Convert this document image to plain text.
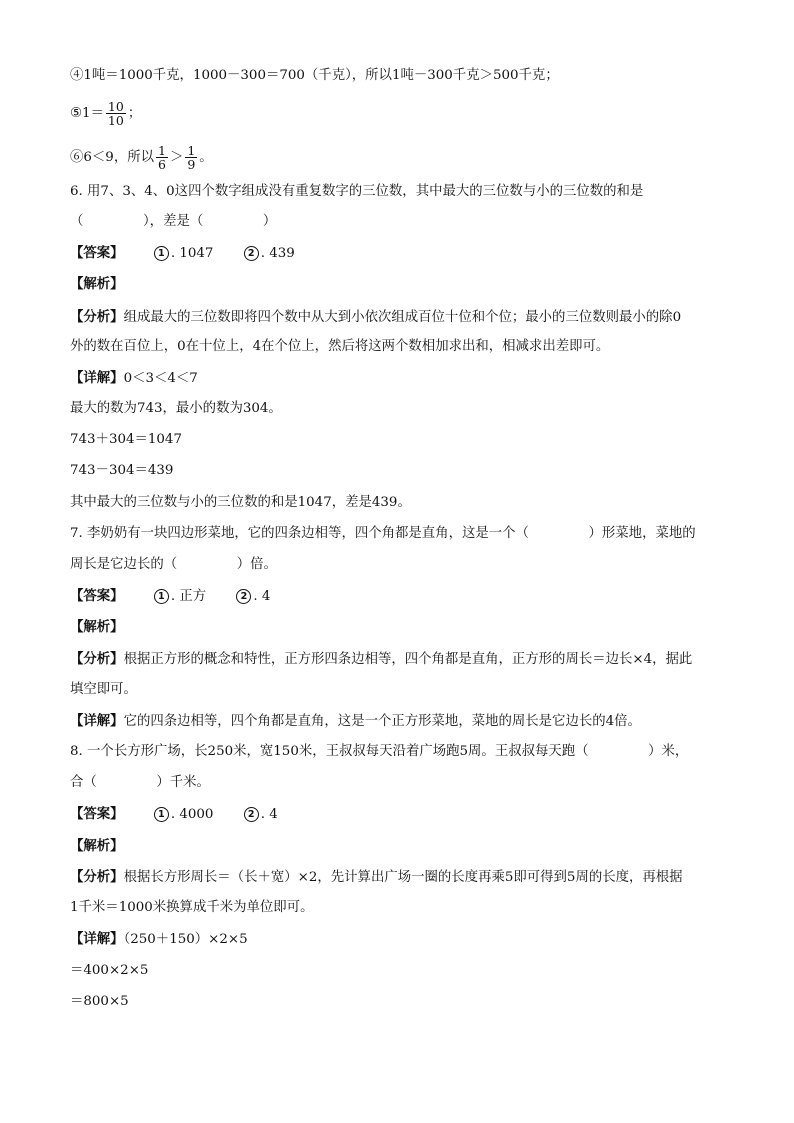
④1吨＝1000千克，1000－300＝700（千克），所以1吨－300千克＞500千克；
⑤1＝ $\frac{10}{10}$ ；
⑥6＜9，所以 $\frac{1}{6} > \frac{1}{9}$ 。
6. 用7、3、4、0这四个数字组成没有重复数字的三位数，其中最大的三位数与小的三位数的和是
（              ），差是（              ）
【答案】	1 . 1047	2 . 439
【解析】
【分析】组成最大的三位数即将四个数中从大到小依次组成百位十位和个位；最小的三位数则最小的除0
外的数在百位上，0在十位上，4在个位上，然后将这两个数相加求出和，相减求出差即可。
【详解】0＜3＜4＜7
最大的数为743，最小的数为304。
743＋304＝1047
743－304＝439
其中最大的三位数与小的三位数的和是1047，差是439。
7. 李奶奶有一块四边形菜地，它的四条边相等，四个角都是直角，这是一个（              ）形菜地，菜地的
周长是它边长的（              ）倍。
【答案】	1 . 正方	2 . 4
【解析】
【分析】根据正方形的概念和特性，正方形四条边相等，四个角都是直角，正方形的周长＝边长×4，据此
填空即可。
【详解】它的四条边相等，四个角都是直角，这是一个正方形菜地，菜地的周长是它边长的4倍。
8. 一个长方形广场，长250米，宽150米，王叔叔每天沿着广场跑5周。王叔叔每天跑（              ）米，
合（              ）千米。
【答案】	1 . 4000	2 . 4
【解析】
【分析】根据长方形周长＝（长＋宽）×2，先计算出广场一圈的长度再乘5即可得到5周的长度，再根据
1千米＝1000米换算成千米为单位即可。
【详解】（250＋150）×2×5
＝400×2×5
＝800×5
